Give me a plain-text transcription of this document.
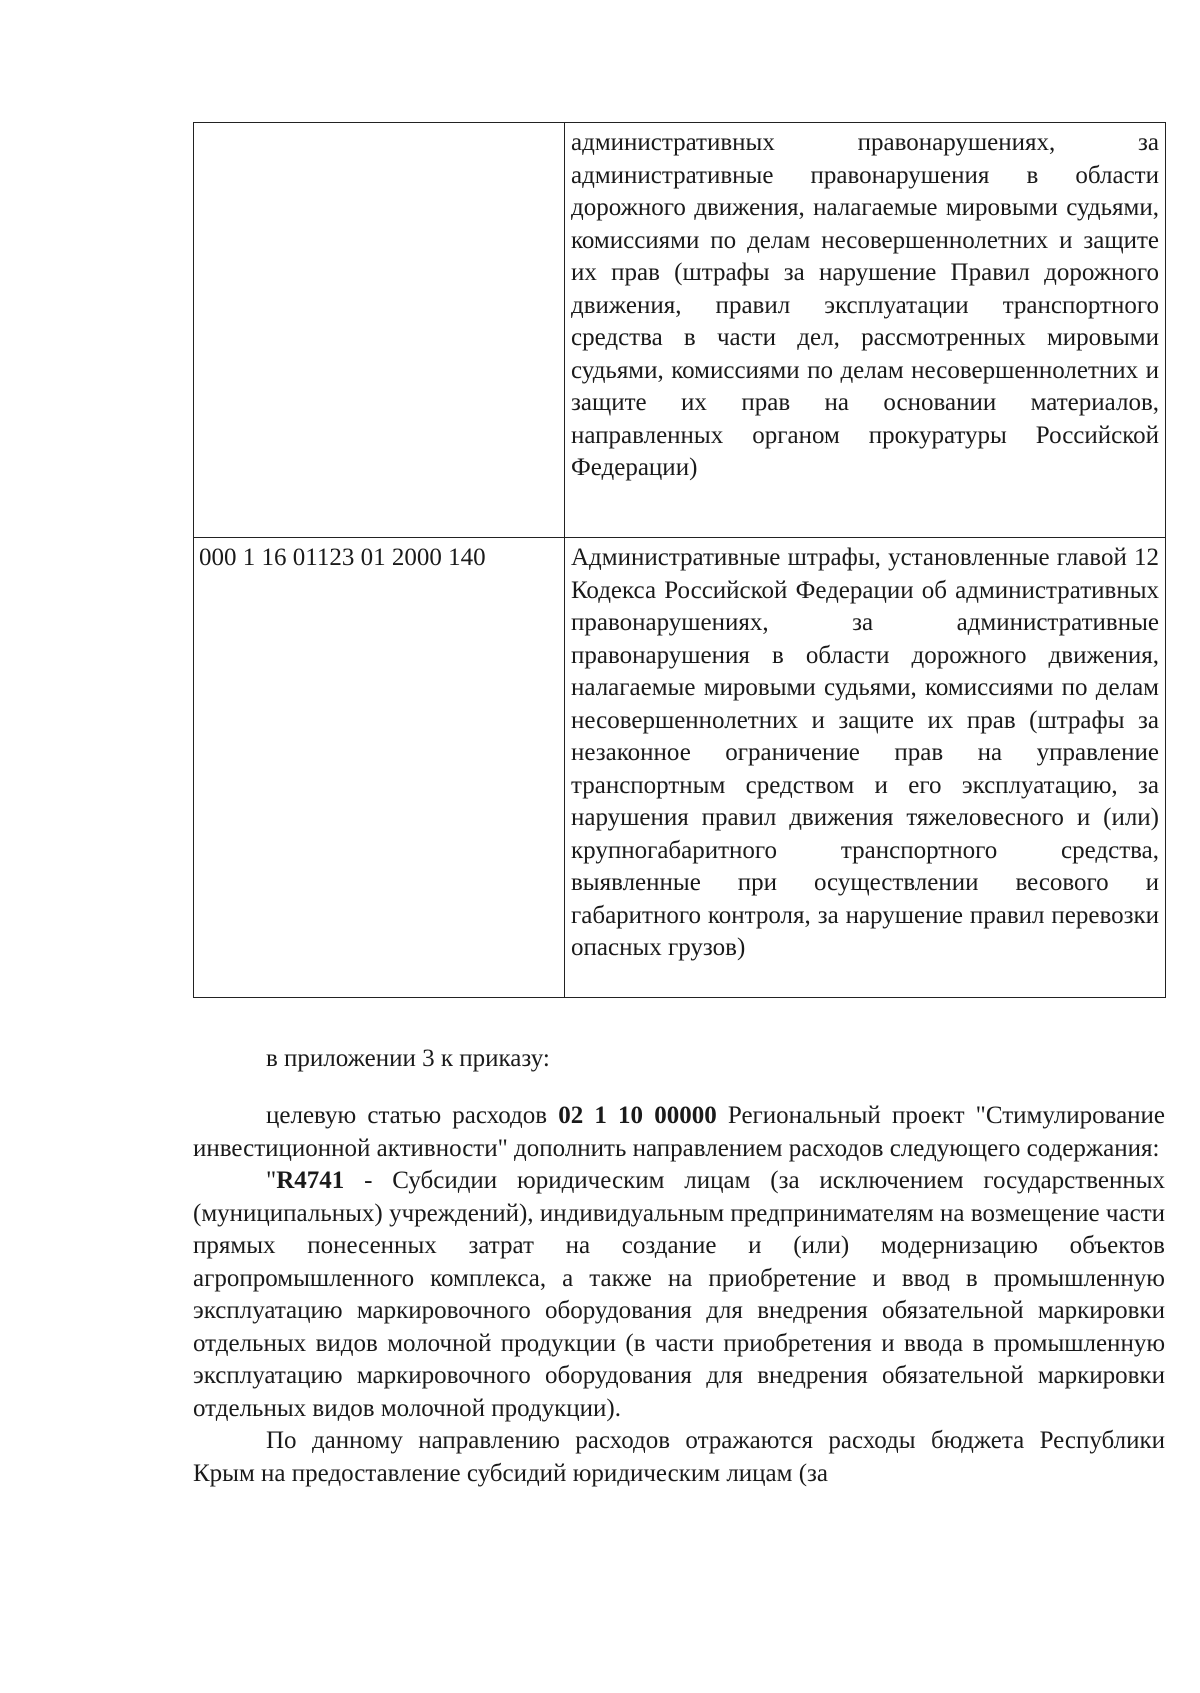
	административных правонарушениях, за административные правонарушения в области дорожного движения, налагаемые мировыми судьями, комиссиями по делам несовершеннолетних и защите их прав (штрафы за нарушение Правил дорожного движения, правил эксплуатации транспортного средства в части дел, рассмотренных мировыми судьями, комиссиями по делам несовершеннолетних и защите их прав на основании материалов, направленных органом прокуратуры Российской Федерации)

000 1 16 01123 01 2000 140	Административные штрафы, установленные главой 12 Кодекса Российской Федерации об административных правонарушениях, за административные правонарушения в области дорожного движения, налагаемые мировыми судьями, комиссиями по делам несовершеннолетних и защите их прав (штрафы за незаконное ограничение прав на управление транспортным средством и его эксплуатацию, за нарушения правил движения тяжеловесного и (или) крупногабаритного транспортного средства, выявленные при осуществлении весового и габаритного контроля, за нарушение правил перевозки опасных грузов)
в приложении 3 к приказу:

целевую статью расходов 02 1 10 00000 Региональный проект "Стимулирование инвестиционной активности" дополнить направлением расходов следующего содержания:

"R4741 - Субсидии юридическим лицам (за исключением государственных (муниципальных) учреждений), индивидуальным предпринимателям на возмещение части прямых понесенных затрат на создание и (или) модернизацию объектов агропромышленного комплекса, а также на приобретение и ввод в промышленную эксплуатацию маркировочного оборудования для внедрения обязательной маркировки отдельных видов молочной продукции (в части приобретения и ввода в промышленную эксплуатацию маркировочного оборудования для внедрения обязательной маркировки отдельных видов молочной продукции).

По данному направлению расходов отражаются расходы бюджета Республики Крым на предоставление субсидий юридическим лицам (за
